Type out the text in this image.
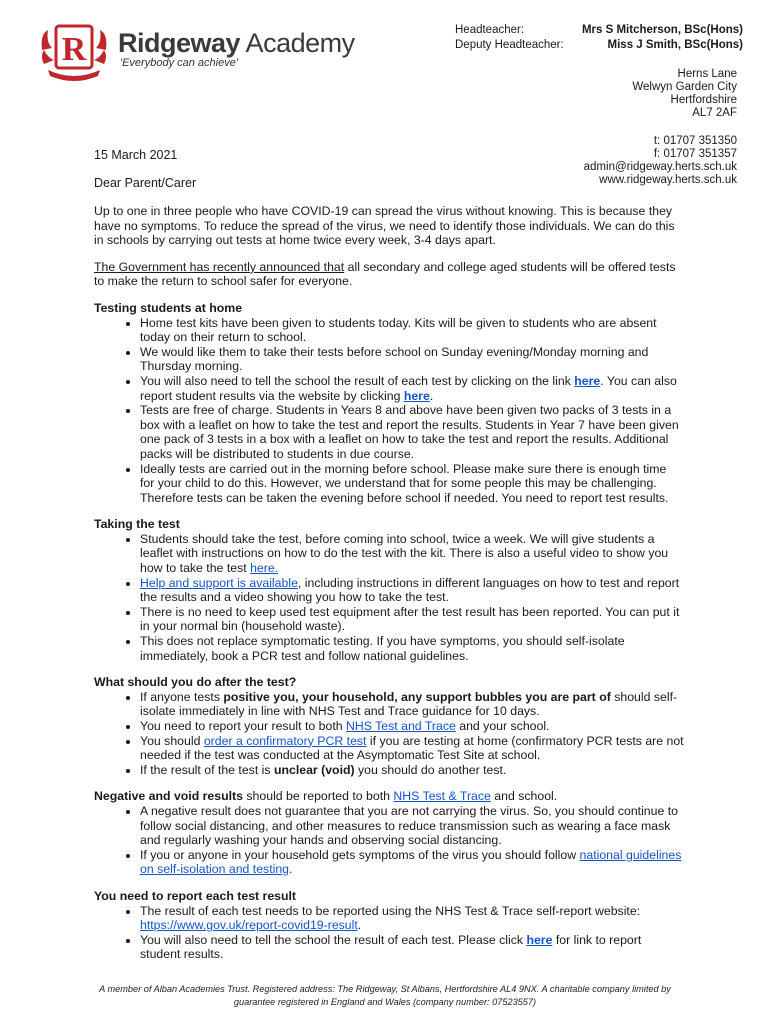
R Ridgeway Academy
'Everybody can achieve'
Headteacher:	Mrs S Mitcherson, BSc(Hons)
Deputy Headteacher:	Miss J Smith, BSc(Hons)
Herns Lane
Welwyn Garden City
Hertfordshire
AL7 2AF
t: 01707 351350
f: 01707 351357
admin@ridgeway.herts.sch.uk
www.ridgeway.herts.sch.uk
15 March 2021
Dear Parent/Carer

Up to one in three people who have COVID-19 can spread the virus without knowing. This is because they have no symptoms. To reduce the spread of the virus, we need to identify those individuals. We can do this in schools by carrying out tests at home twice every week, 3-4 days apart.

The Government has recently announced that all secondary and college aged students will be offered tests to make the return to school safer for everyone.

Testing students at home
• Home test kits have been given to students today. Kits will be given to students who are absent today on their return to school.
• We would like them to take their tests before school on Sunday evening/Monday morning and Thursday morning.
• You will also need to tell the school the result of each test by clicking on the link here. You can also report student results via the website by clicking here.
• Tests are free of charge. Students in Years 8 and above have been given two packs of 3 tests in a box with a leaflet on how to take the test and report the results. Students in Year 7 have been given one pack of 3 tests in a box with a leaflet on how to take the test and report the results. Additional packs will be distributed to students in due course.
• Ideally tests are carried out in the morning before school. Please make sure there is enough time for your child to do this. However, we understand that for some people this may be challenging. Therefore tests can be taken the evening before school if needed. You need to report test results.
Taking the test
• Students should take the test, before coming into school, twice a week. We will give students a leaflet with instructions on how to do the test with the kit. There is also a useful video to show you how to take the test here.
• Help and support is available, including instructions in different languages on how to test and report the results and a video showing you how to take the test.
• There is no need to keep used test equipment after the test result has been reported. You can put it in your normal bin (household waste).
• This does not replace symptomatic testing. If you have symptoms, you should self-isolate immediately, book a PCR test and follow national guidelines.
What should you do after the test?
• If anyone tests positive you, your household, any support bubbles you are part of should self-isolate immediately in line with NHS Test and Trace guidance for 10 days.
• You need to report your result to both NHS Test and Trace and your school.
• You should order a confirmatory PCR test if you are testing at home (confirmatory PCR tests are not needed if the test was conducted at the Asymptomatic Test Site at school.
• If the result of the test is unclear (void) you should do another test.
Negative and void results should be reported to both NHS Test & Trace and school.
• A negative result does not guarantee that you are not carrying the virus. So, you should continue to follow social distancing, and other measures to reduce transmission such as wearing a face mask and regularly washing your hands and observing social distancing.
• If you or anyone in your household gets symptoms of the virus you should follow national guidelines on self-isolation and testing.
You need to report each test result
• The result of each test needs to be reported using the NHS Test & Trace self-report website: https://www.gov.uk/report-covid19-result.
• You will also need to tell the school the result of each test. Please click here for link to report student results.
A member of Alban Academies Trust. Registered address: The Ridgeway, St Albans, Hertfordshire AL4 9NX. A charitable company limited by
guarantee registered in England and Wales (company number: 07523557)
